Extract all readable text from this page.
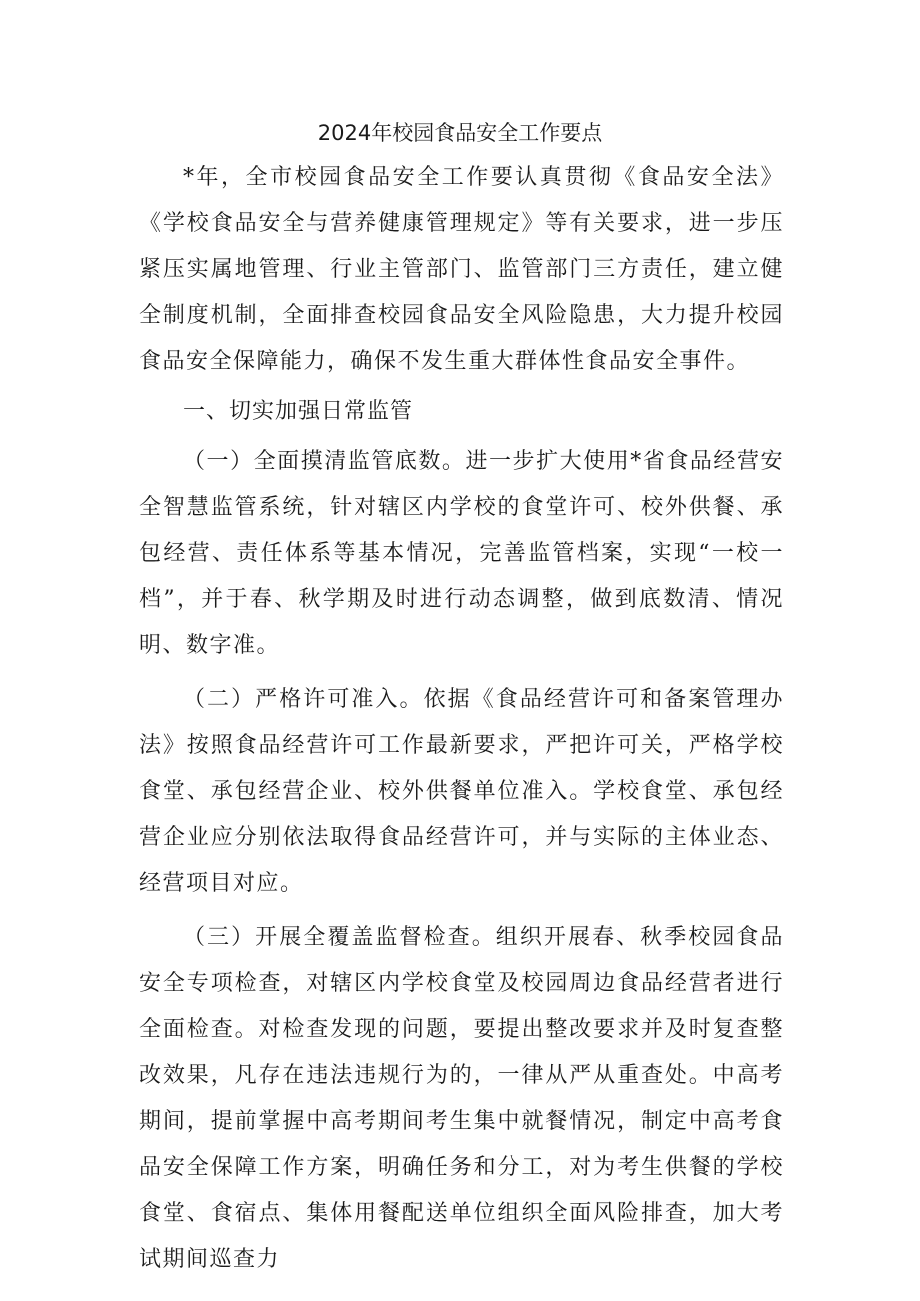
2024年校园食品安全工作要点

*年，全市校园食品安全工作要认真贯彻《食品安全法》《学校食品安全与营养健康管理规定》等有关要求，进一步压紧压实属地管理、行业主管部门、监管部门三方责任，建立健全制度机制，全面排查校园食品安全风险隐患，大力提升校园食品安全保障能力，确保不发生重大群体性食品安全事件。

一、切实加强日常监管

（一）全面摸清监管底数。进一步扩大使用*省食品经营安全智慧监管系统，针对辖区内学校的食堂许可、校外供餐、承包经营、责任体系等基本情况，完善监管档案，实现“一校一档”，并于春、秋学期及时进行动态调整，做到底数清、情况明、数字准。

（二）严格许可准入。依据《食品经营许可和备案管理办法》按照食品经营许可工作最新要求，严把许可关，严格学校食堂、承包经营企业、校外供餐单位准入。学校食堂、承包经营企业应分别依法取得食品经营许可，并与实际的主体业态、经营项目对应。

（三）开展全覆盖监督检查。组织开展春、秋季校园食品安全专项检查，对辖区内学校食堂及校园周边食品经营者进行全面检查。对检查发现的问题，要提出整改要求并及时复查整改效果，凡存在违法违规行为的，一律从严从重查处。中高考期间，提前掌握中高考期间考生集中就餐情况，制定中高考食品安全保障工作方案，明确任务和分工，对为考生供餐的学校食堂、食宿点、集体用餐配送单位组织全面风险排查，加大考试期间巡查力
